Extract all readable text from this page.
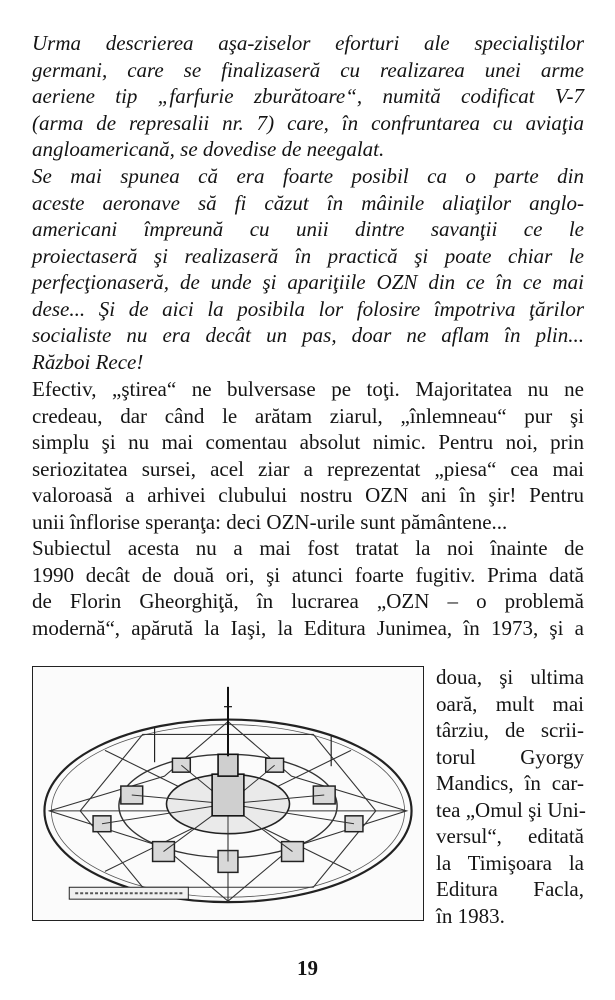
Urma descrierea aşa-ziselor eforturi ale specialiştilor
germani, care se finalizaseră cu realizarea unei arme
aeriene tip „farfurie zburătoare“, numită codificat V-7
(arma de represalii nr. 7) care, în confruntarea cu aviaţia
angloamericană, se dovedise de neegalat.

Se mai spunea că era foarte posibil ca o parte din
aceste aeronave să fi căzut în mâinile aliaţilor anglo-
americani împreună cu unii dintre savanţii ce le
proiectaseră şi realizaseră în practică şi poate chiar le
perfecţionaseră, de unde şi apariţiile OZN din ce în ce mai
dese... Şi de aici la posibila lor folosire împotriva ţărilor
socialiste nu era decât un pas, doar ne aflam în plin...
Război Rece!

Efectiv, „ştirea“ ne bulversase pe toţi. Majoritatea nu ne
credeau, dar când le arătam ziarul, „înlemneau“ pur şi
simplu şi nu mai comentau absolut nimic. Pentru noi, prin
seriozitatea sursei, acel ziar a reprezentat „piesa“ cea mai
valoroasă a arhivei clubului nostru OZN ani în şir! Pentru
unii înflorise speranţa: deci OZN-urile sunt pământene...

Subiectul acesta nu a mai fost tratat la noi înainte de
1990 decât de două ori, şi atunci foarte fugitiv. Prima dată
de Florin Gheorghiţă, în lucrarea „OZN – o problemă
modernă“, apărută la Iaşi, la Editura Junimea, în 1973, şi a

doua, şi ultima
oară, mult mai
târziu, de scrii-
torul Gyorgy
Mandics, în car-
tea „Omul şi Uni-
versul“, editată
la Timişoara la
Editura Facla,
în 1983.
19
